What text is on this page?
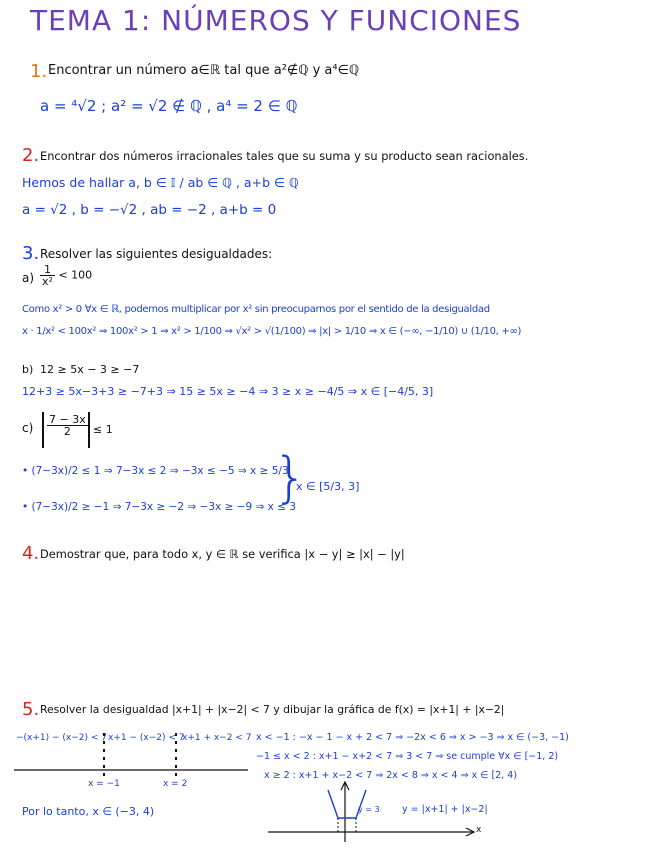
TEMA 1: NÚMEROS Y FUNCIONES
1. Encontrar un número a∈ℝ tal que a²∉ℚ y a⁴∈ℚ
a = ⁴√2 ; a² = √2 ∉ ℚ , a⁴ = 2 ∈ ℚ
2. Encontrar dos números irracionales tales que su suma y su producto sean racionales.
Hemos de hallar a, b ∈ 𝕀 / ab ∈ ℚ , a+b ∈ ℚ
a = √2 , b = −√2 , ab = −2 , a+b = 0
3. Resolver las siguientes desigualdades:
$a) \frac{1}{\text{x²}} < 100$
Como x² > 0 ∀x ∈ ℝ, podemos multiplicar por x² sin preocuparnos por el sentido de la desigualdad
x · 1/x² < 100x² ⇒ 100x² > 1 ⇒ x² > 1/100 ⇒ √x² > √(1/100) ⇒ |x| > 1/10 ⇒ x ∈ (−∞, −1/10) ∪ (1/10, +∞)
b) 12 ≥ 5x − 3 ≥ −7
12+3 ≥ 5x−3+3 ≥ −7+3 ⇒ 15 ≥ 5x ≥ −4 ⇒ 3 ≥ x ≥ −4/5 ⇒ x ∈ [−4/5, 3]
$c) \frac{7 - 3x}{2} \le 1$
• (7−3x)/2 ≤ 1 ⇒ 7−3x ≤ 2 ⇒ −3x ≤ −5 ⇒ x ≥ 5/3
• (7−3x)/2 ≥ −1 ⇒ 7−3x ≥ −2 ⇒ −3x ≥ −9 ⇒ x ≤ 3
}
x ∈ [5/3, 3]
4. Demostrar que, para todo x, y ∈ ℝ se verifica |x − y| ≥ |x| − |y|
5. Resolver la desigualdad |x+1| + |x−2| < 7 y dibujar la gráfica de f(x) = |x+1| + |x−2|
−(x+1) − (x−2) < 7 x+1 − (x−2) < 7
x+1 + x−2 < 7
x = −1	x = 2
x < −1 : −x − 1 − x + 2 < 7 ⇒ −2x < 6 ⇒ x > −3 ⇒ x ∈ (−3, −1)
−1 ≤ x < 2 : x+1 − x+2 < 7 ⇒ 3 < 7 ⇒ se cumple ∀x ∈ [−1, 2)
x ≥ 2 : x+1 + x−2 < 7 ⇒ 2x < 8 ⇒ x < 4 ⇒ x ∈ [2, 4)
Por lo tanto, x ∈ (−3, 4)	y = 3 y = |x+1| + |x−2|
x
